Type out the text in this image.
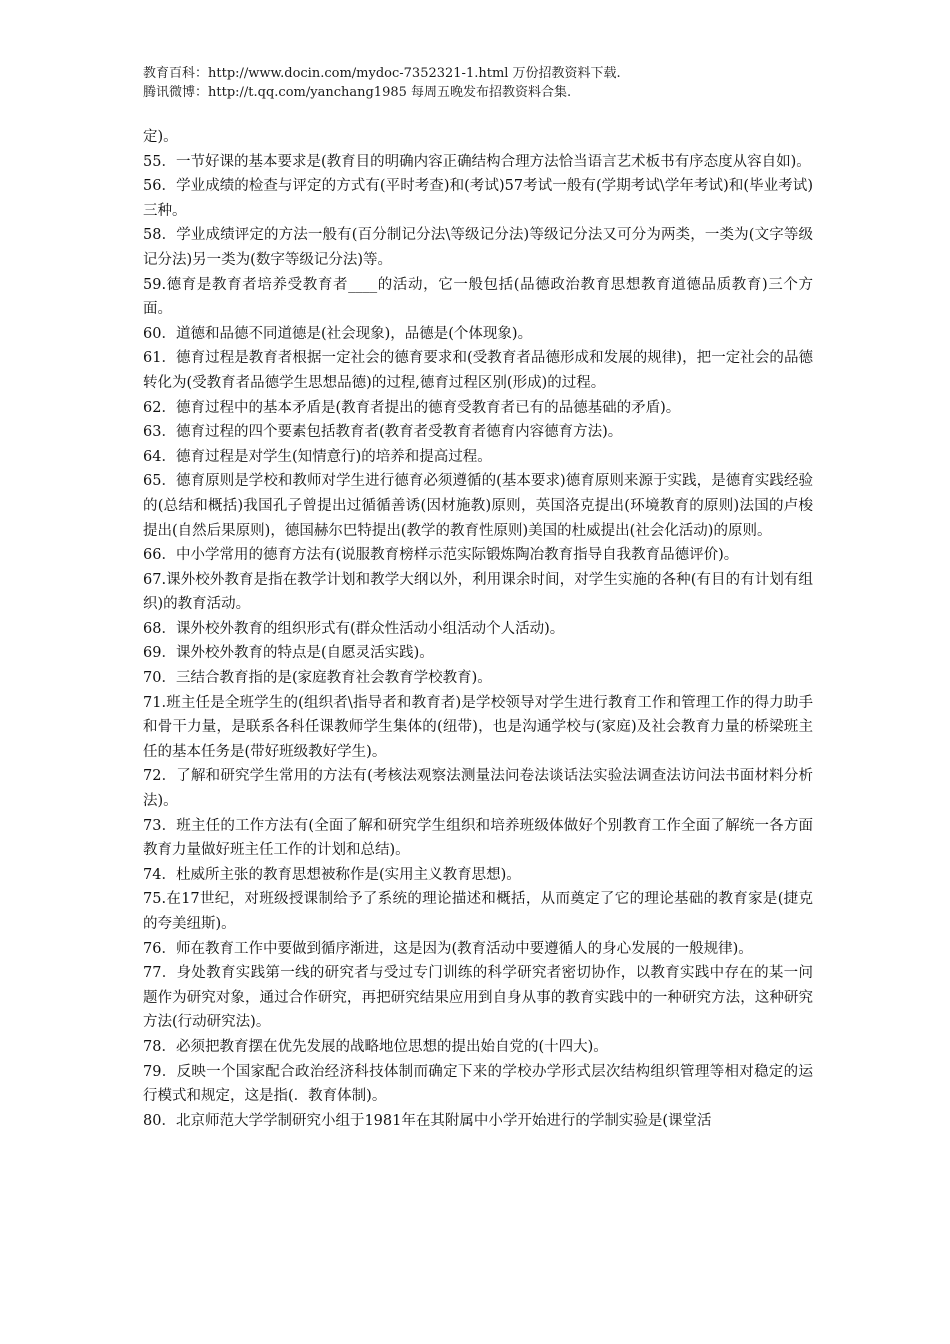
教育百科：http://www.docin.com/mydoc-7352321-1.html 万份招教资料下载.
腾讯微博：http://t.qq.com/yanchang1985 每周五晚发布招教资料合集.

定)。

55．一节好课的基本要求是(教育目的明确内容正确结构合理方法恰当语言艺术板书有序态度从容自如)。

56．学业成绩的检查与评定的方式有(平时考查)和(考试)57考试一般有(学期考试\学年考试)和(毕业考试)三种。

58．学业成绩评定的方法一般有(百分制记分法\等级记分法)等级记分法又可分为两类，一类为(文字等级记分法)另一类为(数字等级记分法)等。

59.德育是教育者培养受教育者____的活动，它一般包括(品德政治教育思想教育道德品质教育)三个方面。

60．道德和品德不同道德是(社会现象)，品德是(个体现象)。

61．德育过程是教育者根据一定社会的德育要求和(受教育者品德形成和发展的规律)，把一定社会的品德转化为(受教育者品德学生思想品德)的过程,德育过程区别(形成)的过程。

62．德育过程中的基本矛盾是(教育者提出的德育受教育者已有的品德基础的矛盾)。

63．德育过程的四个要素包括教育者(教育者受教育者德育内容德育方法)。

64．德育过程是对学生(知情意行)的培养和提高过程。

65．德育原则是学校和教师对学生进行德育必须遵循的(基本要求)德育原则来源于实践，是德育实践经验的(总结和概括)我国孔子曾提出过循循善诱(因材施教)原则，英国洛克提出(环境教育的原则)法国的卢梭提出(自然后果原则)，德国赫尔巴特提出(教学的教育性原则)美国的杜威提出(社会化活动)的原则。

66．中小学常用的德育方法有(说服教育榜样示范实际锻炼陶冶教育指导自我教育品德评价)。

67.课外校外教育是指在教学计划和教学大纲以外，利用课余时间，对学生实施的各种(有目的有计划有组织)的教育活动。

68．课外校外教育的组织形式有(群众性活动小组活动个人活动)。

69．课外校外教育的特点是(自愿灵活实践)。

70．三结合教育指的是(家庭教育社会教育学校教育)。

71.班主任是全班学生的(组织者\指导者和教育者)是学校领导对学生进行教育工作和管理工作的得力助手和骨干力量，是联系各科任课教师学生集体的(纽带)，也是沟通学校与(家庭)及社会教育力量的桥梁班主任的基本任务是(带好班级教好学生)。

72．了解和研究学生常用的方法有(考核法观察法测量法问卷法谈话法实验法调查法访问法书面材料分析法)。

73．班主任的工作方法有(全面了解和研究学生组织和培养班级体做好个别教育工作全面了解统一各方面教育力量做好班主任工作的计划和总结)。

74．杜威所主张的教育思想被称作是(实用主义教育思想)。

75.在17世纪，对班级授课制给予了系统的理论描述和概括，从而奠定了它的理论基础的教育家是(捷克的夸美纽斯)。

76．师在教育工作中要做到循序渐进，这是因为(教育活动中要遵循人的身心发展的一般规律)。

77．身处教育实践第一线的研究者与受过专门训练的科学研究者密切协作，以教育实践中存在的某一问题作为研究对象，通过合作研究，再把研究结果应用到自身从事的教育实践中的一种研究方法，这种研究方法(行动研究法)。

78．必须把教育摆在优先发展的战略地位思想的提出始自党的(十四大)。

79．反映一个国家配合政治经济科技体制而确定下来的学校办学形式层次结构组织管理等相对稳定的运行模式和规定，这是指(．教育体制)。

80．北京师范大学学制研究小组于1981年在其附属中小学开始进行的学制实验是(课堂活
